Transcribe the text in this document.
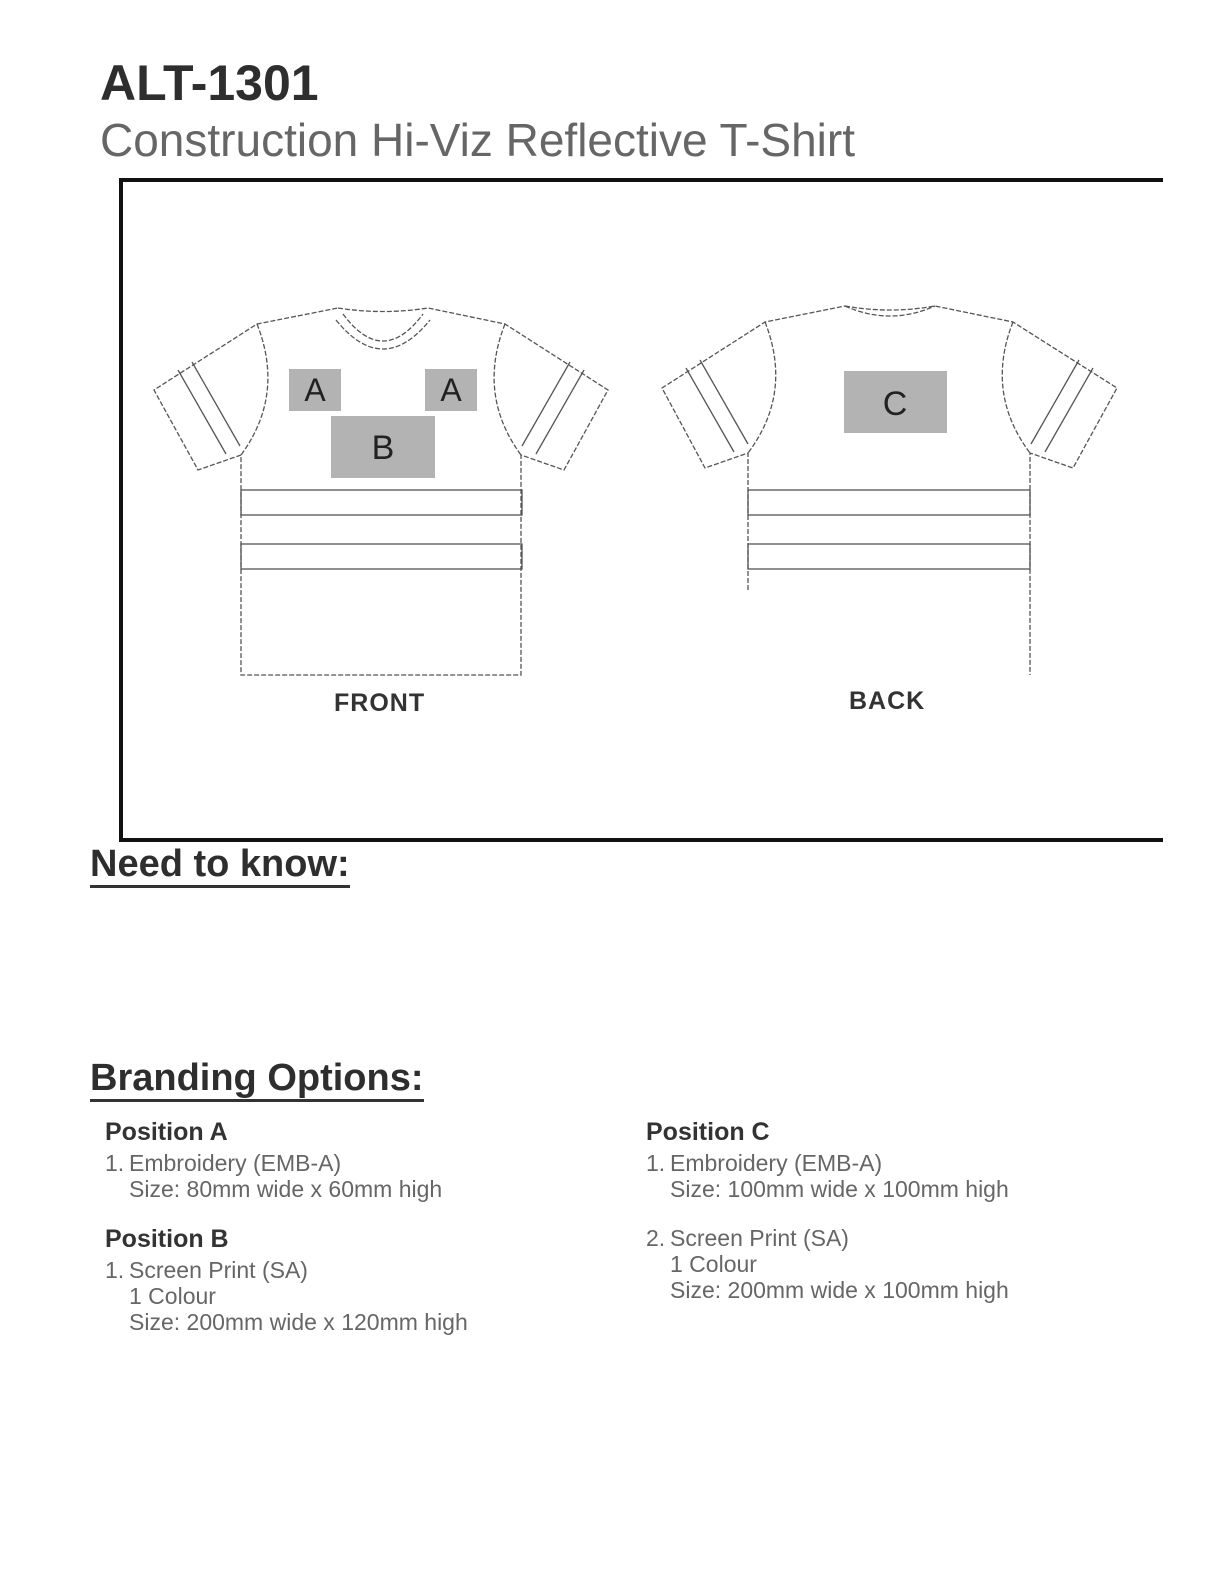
ALT-1301
Construction Hi-Viz Reflective T-Shirt
A	A
B
C
FRONT	BACK
Need to know:
Branding Options:
Position A
1. Embroidery (EMB-A)
Size: 80mm wide x 60mm high
Position B
1. Screen Print (SA)
1 Colour
Size: 200mm wide x 120mm high
Position C
1. Embroidery (EMB-A)
Size: 100mm wide x 100mm high
2. Screen Print (SA)
1 Colour
Size: 200mm wide x 100mm high
